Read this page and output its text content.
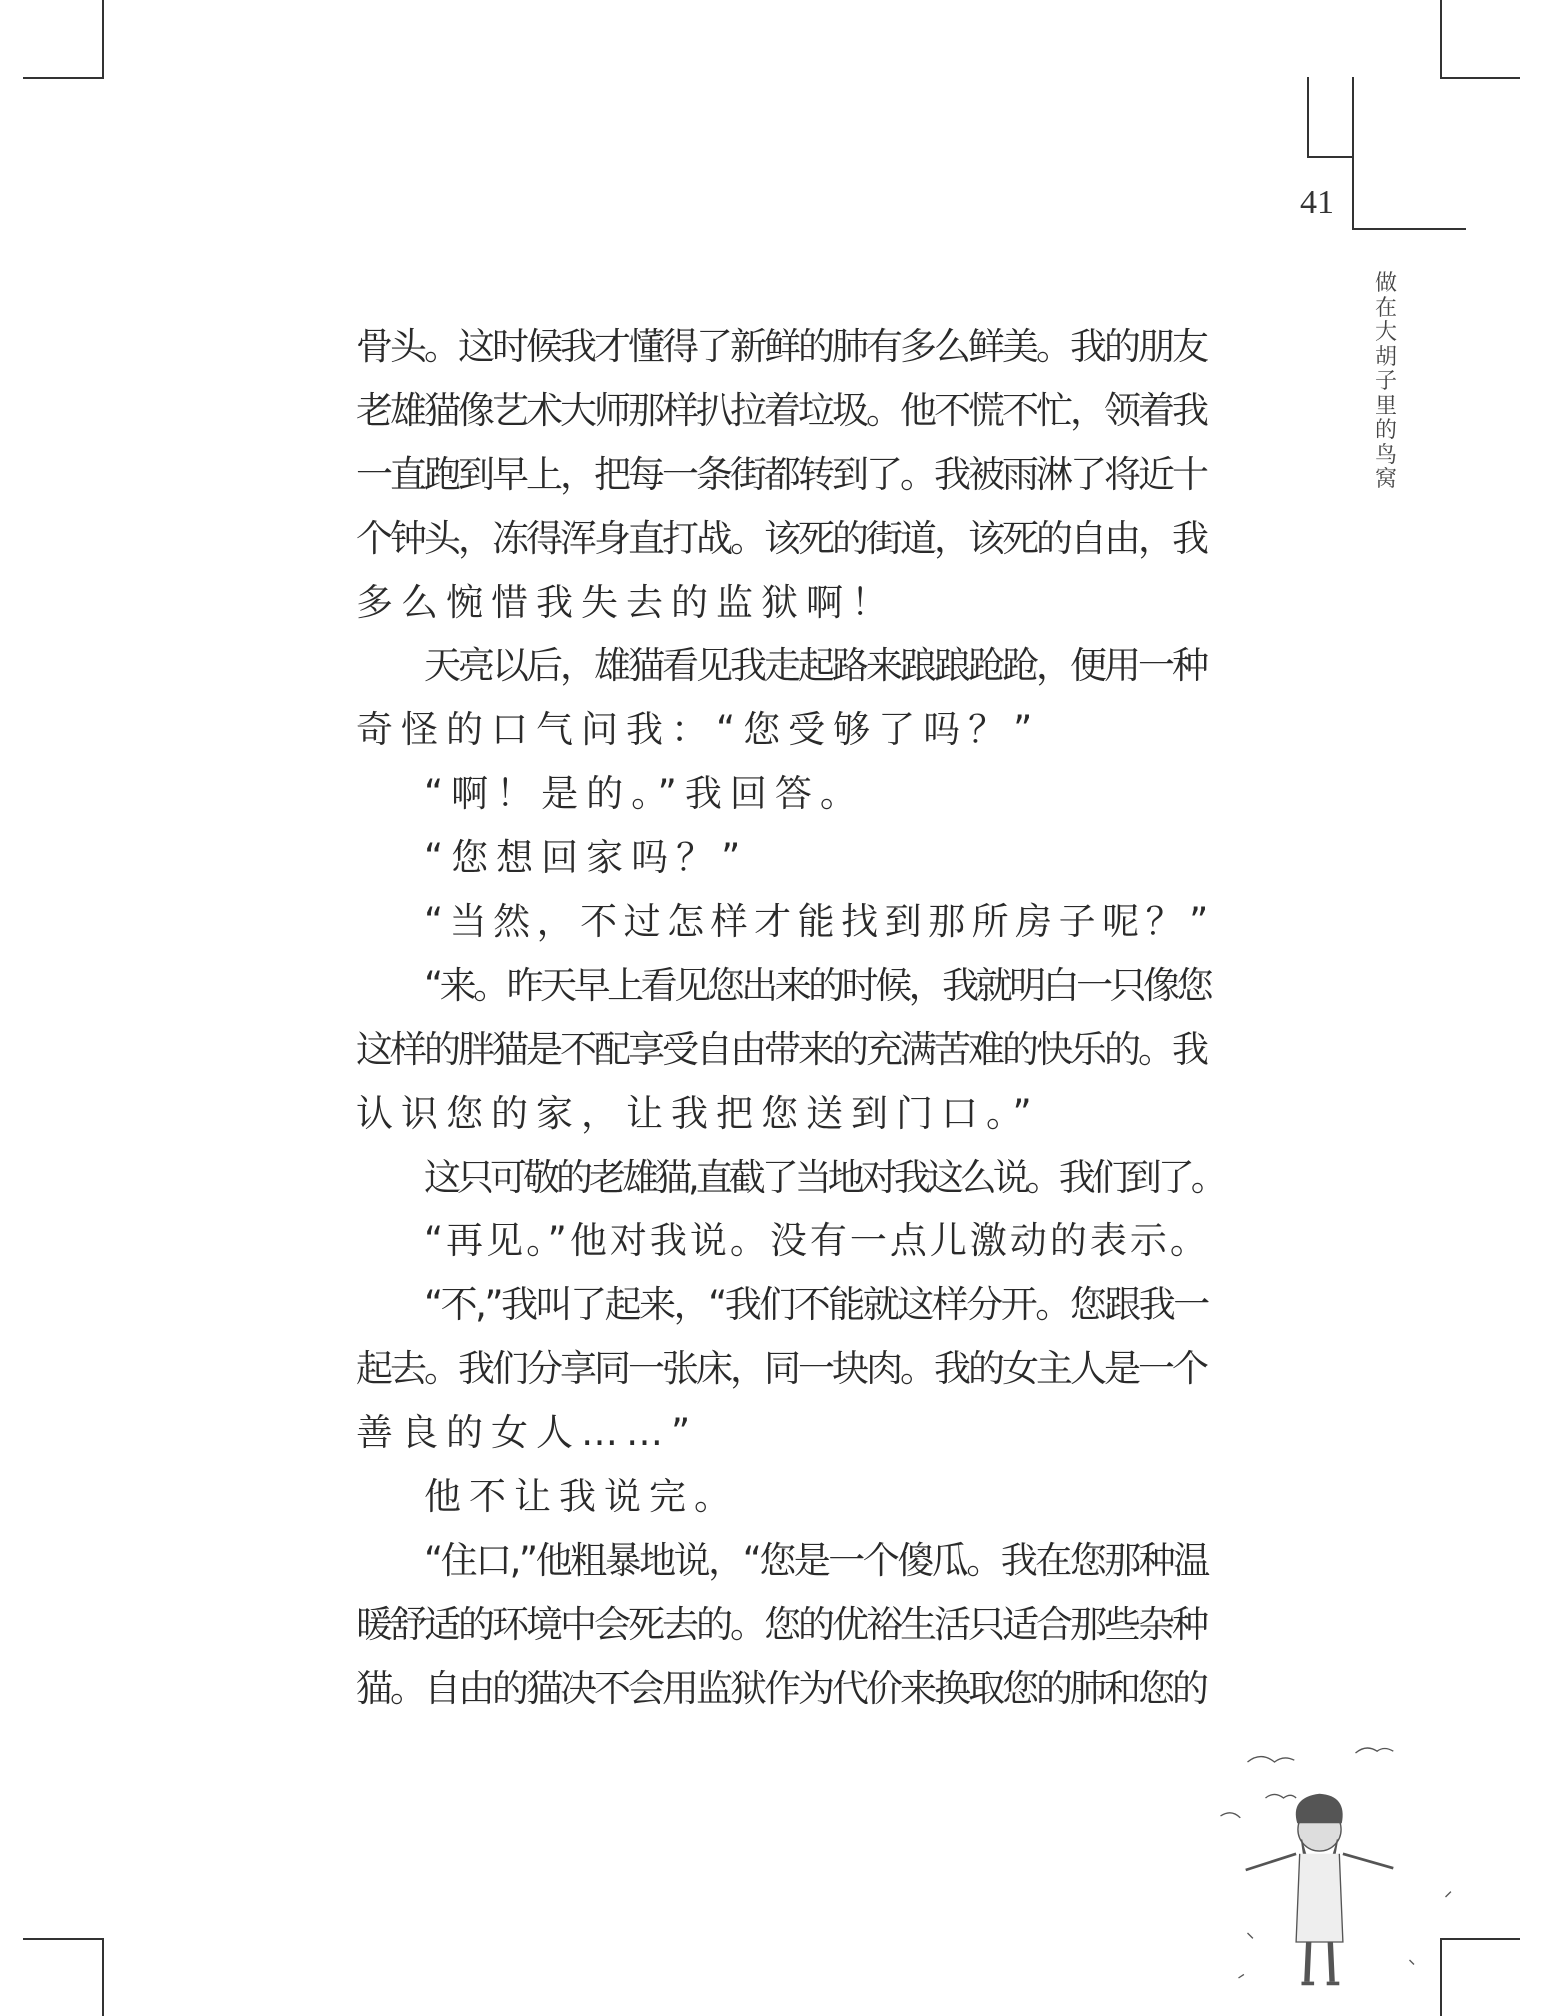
41
做在大胡子里的鸟窝
骨头。这时候我才懂得了新鲜的肺有多么鲜美。我的朋友
老雄猫像艺术大师那样扒拉着垃圾。他不慌不忙，领着我
一直跑到早上，把每一条街都转到了。我被雨淋了将近十
个钟头，冻得浑身直打战。该死的街道，该死的自由，我
多么惋惜我失去的监狱啊！
天亮以后，雄猫看见我走起路来踉踉跄跄，便用一种
奇怪的口气问我：“您受够了吗？”
“啊！是的。”我回答。
“您想回家吗？”
“当然，不过怎样才能找到那所房子呢？”
“来。昨天早上看见您出来的时候，我就明白一只像您
这样的胖猫是不配享受自由带来的充满苦难的快乐的。我
认识您的家，让我把您送到门口。”
这只可敬的老雄猫,直截了当地对我这么说。我们到了。
“再见。”他对我说。没有一点儿激动的表示。
“不,”我叫了起来，“我们不能就这样分开。您跟我一
起去。我们分享同一张床，同一块肉。我的女主人是一个
善良的女人……”
他不让我说完。
“住口,”他粗暴地说，“您是一个傻瓜。我在您那种温
暖舒适的环境中会死去的。您的优裕生活只适合那些杂种
猫。自由的猫决不会用监狱作为代价来换取您的肺和您的
